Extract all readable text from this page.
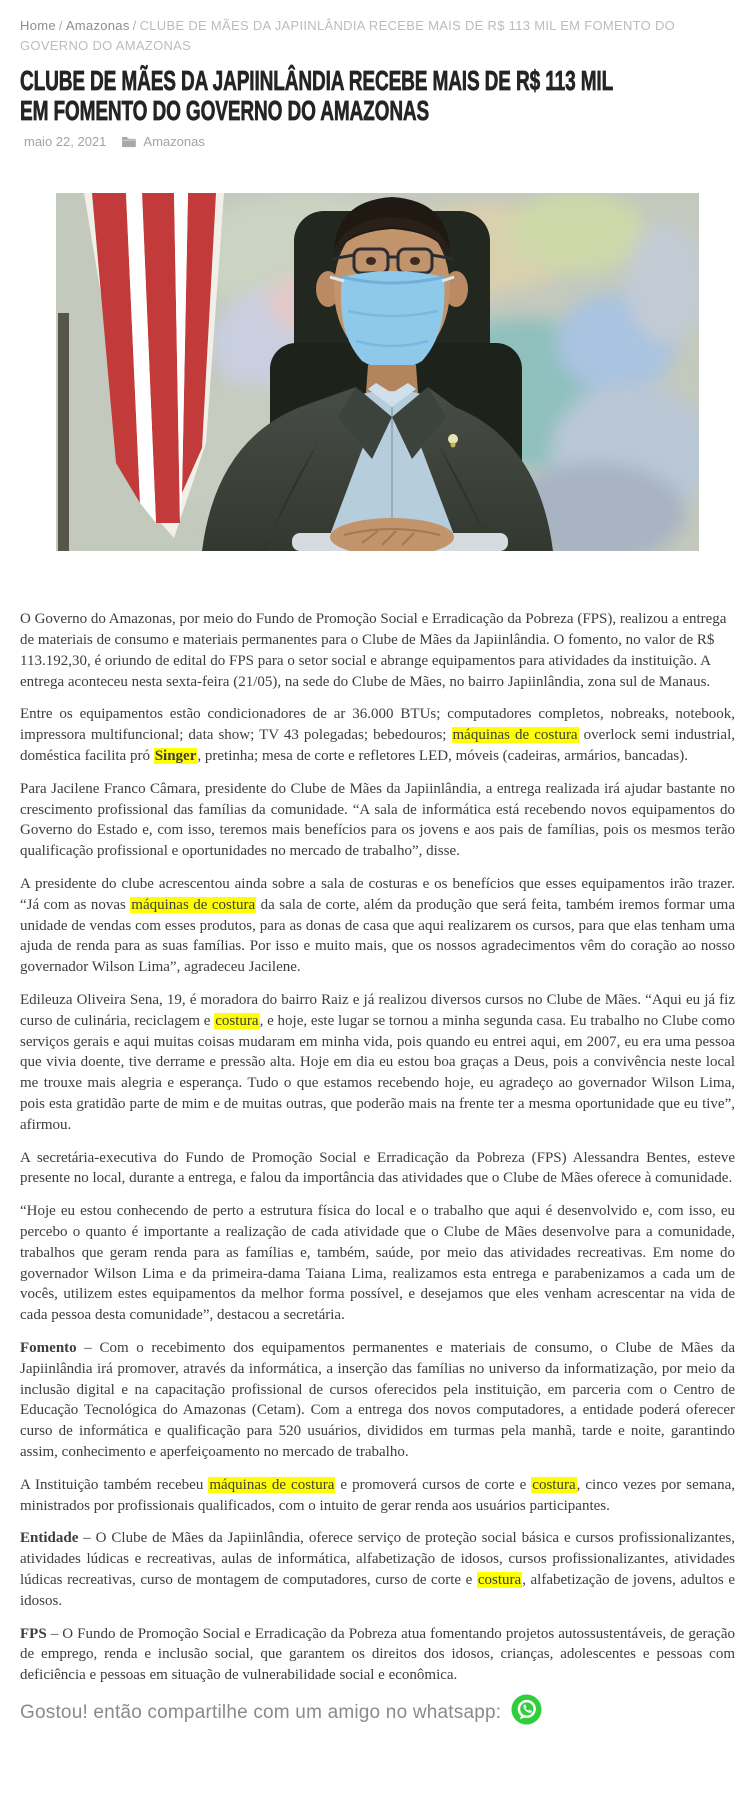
Home / Amazonas / CLUBE DE MÃES DA JAPIINLÂNDIA RECEBE MAIS DE R$ 113 MIL EM FOMENTO DO GOVERNO DO AMAZONAS
CLUBE DE MÃES DA JAPIINLÂNDIA RECEBE MAIS DE R$ 113 MIL
EM FOMENTO DO GOVERNO DO AMAZONAS
maio 22, 2021	Amazonas

O Governo do Amazonas, por meio do Fundo de Promoção Social e Erradicação da Pobreza (FPS), realizou a entrega de materiais de consumo e materiais permanentes para o Clube de Mães da Japiinlândia. O fomento, no valor de R$ 113.192,30, é oriundo de edital do FPS para o setor social e abrange equipamentos para atividades da instituição. A entrega aconteceu nesta sexta-feira (21/05), na sede do Clube de Mães, no bairro Japiinlândia, zona sul de Manaus.

Entre os equipamentos estão condicionadores de ar 36.000 BTUs; computadores completos, nobreaks, notebook, impressora multifuncional; data show; TV 43 polegadas; bebedouros; máquinas de costura overlock semi industrial, doméstica facilita pró Singer, pretinha; mesa de corte e refletores LED, móveis (cadeiras, armários, bancadas).

Para Jacilene Franco Câmara, presidente do Clube de Mães da Japiinlândia, a entrega realizada irá ajudar bastante no crescimento profissional das famílias da comunidade. “A sala de informática está recebendo novos equipamentos do Governo do Estado e, com isso, teremos mais benefícios para os jovens e aos pais de famílias, pois os mesmos terão qualificação profissional e oportunidades no mercado de trabalho”, disse.

A presidente do clube acrescentou ainda sobre a sala de costuras e os benefícios que esses equipamentos irão trazer. “Já com as novas máquinas de costura da sala de corte, além da produção que será feita, também iremos formar uma unidade de vendas com esses produtos, para as donas de casa que aqui realizarem os cursos, para que elas tenham uma ajuda de renda para as suas famílias. Por isso e muito mais, que os nossos agradecimentos vêm do coração ao nosso governador Wilson Lima”, agradeceu Jacilene.

Edileuza Oliveira Sena, 19, é moradora do bairro Raiz e já realizou diversos cursos no Clube de Mães. “Aqui eu já fiz curso de culinária, reciclagem e costura, e hoje, este lugar se tornou a minha segunda casa. Eu trabalho no Clube como serviços gerais e aqui muitas coisas mudaram em minha vida, pois quando eu entrei aqui, em 2007, eu era uma pessoa que vivia doente, tive derrame e pressão alta. Hoje em dia eu estou boa graças a Deus, pois a convivência neste local me trouxe mais alegria e esperança. Tudo o que estamos recebendo hoje, eu agradeço ao governador Wilson Lima, pois esta gratidão parte de mim e de muitas outras, que poderão mais na frente ter a mesma oportunidade que eu tive”, afirmou.

A secretária-executiva do Fundo de Promoção Social e Erradicação da Pobreza (FPS) Alessandra Bentes, esteve presente no local, durante a entrega, e falou da importância das atividades que o Clube de Mães oferece à comunidade.

“Hoje eu estou conhecendo de perto a estrutura física do local e o trabalho que aqui é desenvolvido e, com isso, eu percebo o quanto é importante a realização de cada atividade que o Clube de Mães desenvolve para a comunidade, trabalhos que geram renda para as famílias e, também, saúde, por meio das atividades recreativas. Em nome do governador Wilson Lima e da primeira-dama Taiana Lima, realizamos esta entrega e parabenizamos a cada um de vocês, utilizem estes equipamentos da melhor forma possível, e desejamos que eles venham acrescentar na vida de cada pessoa desta comunidade”, destacou a secretária.

Fomento – Com o recebimento dos equipamentos permanentes e materiais de consumo, o Clube de Mães da Japiinlândia irá promover, através da informática, a inserção das famílias no universo da informatização, por meio da inclusão digital e na capacitação profissional de cursos oferecidos pela instituição, em parceria com o Centro de Educação Tecnológica do Amazonas (Cetam). Com a entrega dos novos computadores, a entidade poderá oferecer curso de informática e qualificação para 520 usuários, divididos em turmas pela manhã, tarde e noite, garantindo assim, conhecimento e aperfeiçoamento no mercado de trabalho.

A Instituição também recebeu máquinas de costura e promoverá cursos de corte e costura, cinco vezes por semana, ministrados por profissionais qualificados, com o intuito de gerar renda aos usuários participantes.

Entidade – O Clube de Mães da Japiinlândia, oferece serviço de proteção social básica e cursos profissionalizantes, atividades lúdicas e recreativas, aulas de informática, alfabetização de idosos, cursos profissionalizantes, atividades lúdicas recreativas, curso de montagem de computadores, curso de corte e costura, alfabetização de jovens, adultos e idosos.

FPS – O Fundo de Promoção Social e Erradicação da Pobreza atua fomentando projetos autossustentáveis, de geração de emprego, renda e inclusão social, que garantem os direitos dos idosos, crianças, adolescentes e pessoas com deficiência e pessoas em situação de vulnerabilidade social e econômica.

Gostou! então compartilhe com um amigo no whatsapp:
